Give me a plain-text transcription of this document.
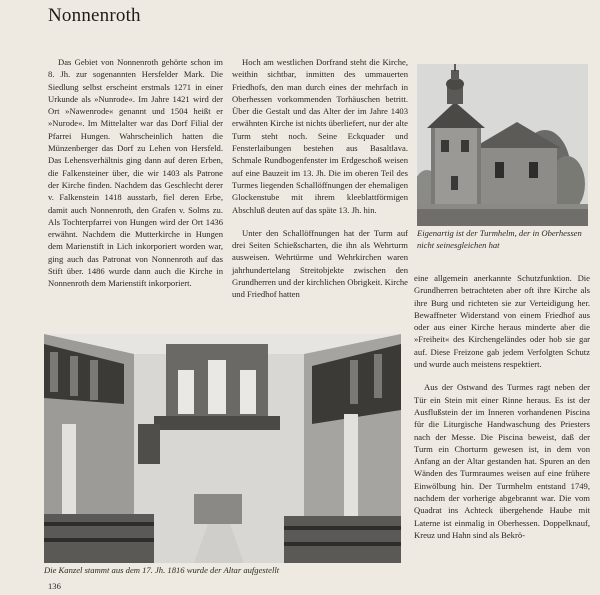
Nonnenroth

Das Gebiet von Nonnenroth gehörte schon im 8. Jh. zur sogenannten Hersfelder Mark. Die Siedlung selbst erscheint erstmals 1271 in einer Urkunde als »Nunrode«. Im Jahre 1421 wird der Ort »Nawenrode« genannt und 1504 heißt er »Nurode«. Im Mittelalter war das Dorf Filial der Pfarrei Hungen. Wahrscheinlich hatten die Münzenberger das Dorf zu Lehen von Hersfeld. Das Lehensverhältnis ging dann auf deren Erben, die Falkensteiner über, die wir 1403 als Patrone der Kirche finden. Nachdem das Geschlecht derer v. Falkenstein 1418 ausstarb, fiel deren Erbe, damit auch Nonnenroth, den Grafen v. Solms zu. Als Tochterpfarrei von Hungen wird der Ort 1436 erwähnt. Nachdem die Mutterkirche in Hungen dem Marienstift in Lich inkorporiert worden war, ging auch das Patronat von Nonnenroth auf das Stift über. 1486 wurde dann auch die Kirche in Nonnenroth dem Marienstift inkorporiert.

Hoch am westlichen Dorfrand steht die Kirche, weithin sichtbar, inmitten des ummauerten Friedhofs, den man durch eines der mehrfach in Oberhessen vorkommenden Torhäuschen betritt. Über die Gestalt und das Alter der im Jahre 1403 erwähnten Kirche ist nichts überliefert, nur der alte Turm steht noch. Seine Eckquader und Fensterlaibungen bestehen aus Basaltlava. Schmale Rundbogenfenster im Erdgeschoß weisen auf eine Bauzeit im 13. Jh. Die im oberen Teil des Turmes liegenden Schallöffnungen der ehemaligen Glockenstube mit ihrem kleeblattförmigen Abschluß deuten auf das späte 13. Jh. hin.

Unter den Schallöffnungen hat der Turm auf drei Seiten Schießscharten, die ihn als Wehrturm ausweisen. Wehrtürme und Wehrkirchen waren jahrhundertelang Streitobjekte zwischen den Grundherren und der kirchlichen Obrigkeit. Kirche und Friedhof hatten

Eigenartig ist der Turmhelm, der in Oberhessen nicht seinesgleichen hat
Die Kanzel stammt aus dem 17. Jh. 1816 wurde der Altar aufgestellt

eine allgemein anerkannte Schutzfunktion. Die Grundherren betrachteten aber oft ihre Kirche als ihre Burg und richteten sie zur Verteidigung her. Bewaffneter Widerstand von einem Friedhof aus oder aus einer Kirche heraus minderte aber die »Freiheit« des Kirchengeländes oder hob sie gar auf. Diese Freizone gab jedem Verfolgten Schutz und wurde auch meistens respektiert.

Aus der Ostwand des Turmes ragt neben der Tür ein Stein mit einer Rinne heraus. Es ist der Ausflußstein der im Inneren vorhandenen Piscina für die Liturgische Handwaschung des Priesters nach der Messe. Die Piscina beweist, daß der Turm ein Chorturm gewesen ist, in dem von Anfang an der Altar gestanden hat. Spuren an den Wänden des Turmraumes weisen auf eine frühere Einwölbung hin. Der Turmhelm entstand 1749, nachdem der vorherige abgebrannt war. Die vom Quadrat ins Achteck übergehende Haube mit Laterne ist einmalig in Oberhessen. Doppelknauf, Kreuz und Hahn sind als Bekrö-

136
